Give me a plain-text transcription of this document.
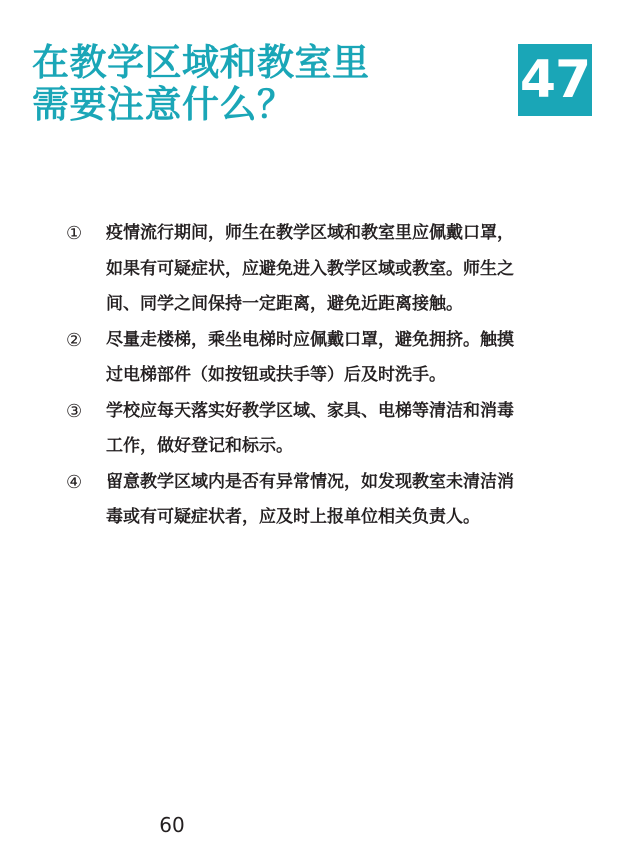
在教学区域和教室里
需要注意什么？	47
①	疫情流行期间，师生在教学区域和教室里应佩戴口罩，如果有可疑症状，应避免进入教学区域或教室。师生之间、同学之间保持一定距离，避免近距离接触。
②	尽量走楼梯，乘坐电梯时应佩戴口罩，避免拥挤。触摸过电梯部件（如按钮或扶手等）后及时洗手。
③	学校应每天落实好教学区域、家具、电梯等清洁和消毒工作，做好登记和标示。
④	留意教学区域内是否有异常情况，如发现教室未清洁消毒或有可疑症状者，应及时上报单位相关负责人。
60
